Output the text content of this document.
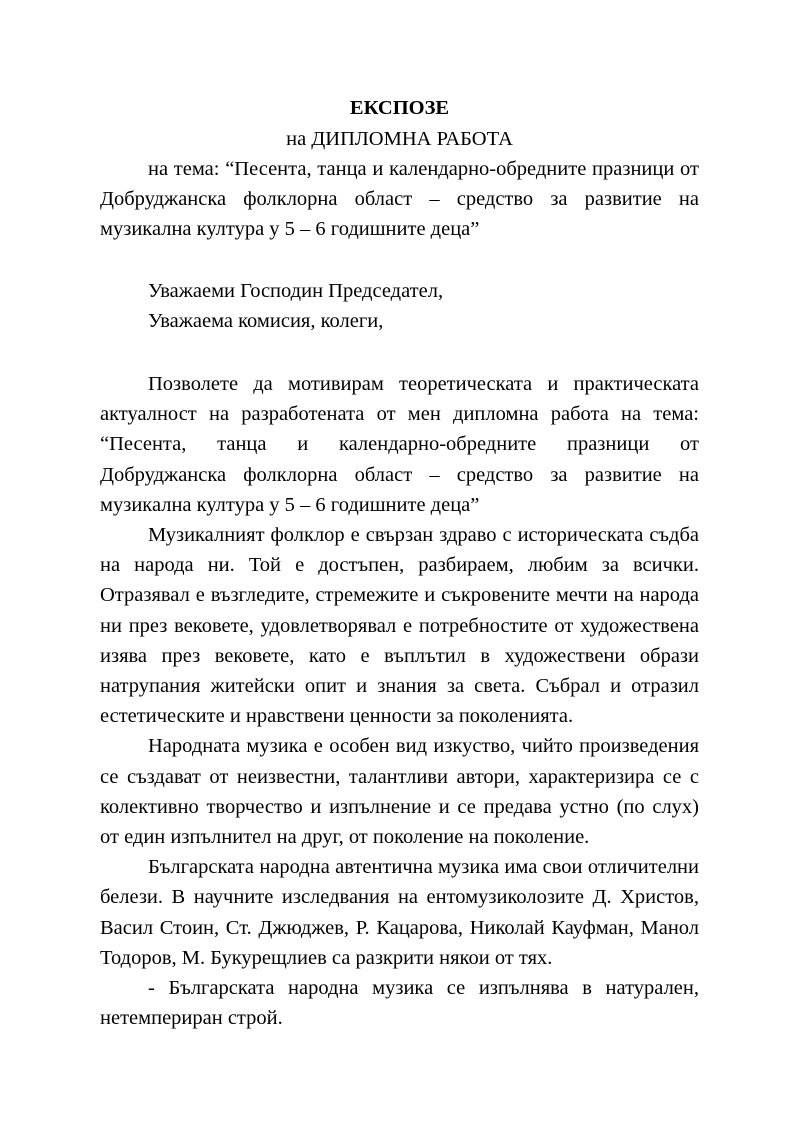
ЕКСПОЗЕ
на ДИПЛОМНА РАБОТА

на тема: “Песента, танца и календарно-обредните празници от Добруджанска фолклорна област – средство за развитие на музикална култура у 5 – 6 годишните деца”

Уважаеми Господин Председател,

Уважаема комисия, колеги,

Позволете да мотивирам теоретическата и практическата актуалност на разработената от мен дипломна работа на тема: “Песента, танца и календарно-обредните празници от Добруджанска фолклорна област – средство за развитие на музикална култура у 5 – 6 годишните деца”

Музикалният фолклор е свързан здраво с историческата съдба на народа ни. Той е достъпен, разбираем, любим за всички. Отразявал е възгледите, стремежите и съкровените мечти на народа ни през вековете, удовлетворявал е потребностите от художествена изява през вековете, като е въплътил в художествени образи натрупания житейски опит и знания за света. Събрал и отразил естетическите и нравствени ценности за поколенията.

Народната музика е особен вид изкуство, чийто произведения се създават от неизвестни, талантливи автори, характеризира се с колективно творчество и изпълнение и се предава устно (по слух) от един изпълнител на друг, от поколение на поколение.

Българската народна автентична музика има свои отличителни белези. В научните изследвания на ентомузиколозите Д. Христов, Васил Стоин, Ст. Джюджев, Р. Кацарова, Николай Кауфман, Манол Тодоров, М. Букурещлиев са разкрити някои от тях.

- Българската народна музика се изпълнява в натурален, нетемпериран строй.
